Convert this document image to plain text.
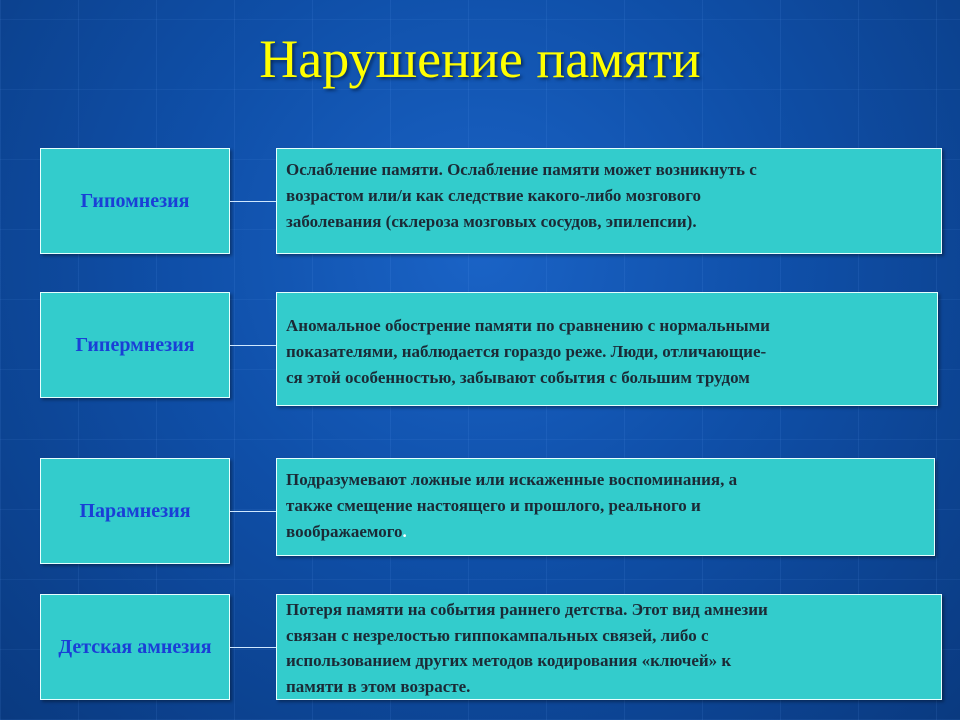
Нарушение памяти
Гипомнезия
Ослабление памяти. Ослабление памяти может возникнуть с
возрастом или/и как следствие какого-либо мозгового
заболевания (склероза мозговых сосудов, эпилепсии).
Гипермнезия
Аномальное обострение памяти по сравнению с нормальными
показателями, наблюдается гораздо реже. Люди, отличающие-
ся этой особенностью, забывают события с большим трудом
Парамнезия
Подразумевают ложные или искаженные воспоминания, а
также смещение настоящего и прошлого, реального и
воображаемого.
Детская амнезия
Потеря памяти на события раннего детства. Этот вид амнезии
связан с незрелостью гиппокампальных связей, либо с
использованием других методов кодирования «ключей» к
памяти в этом возрасте.
